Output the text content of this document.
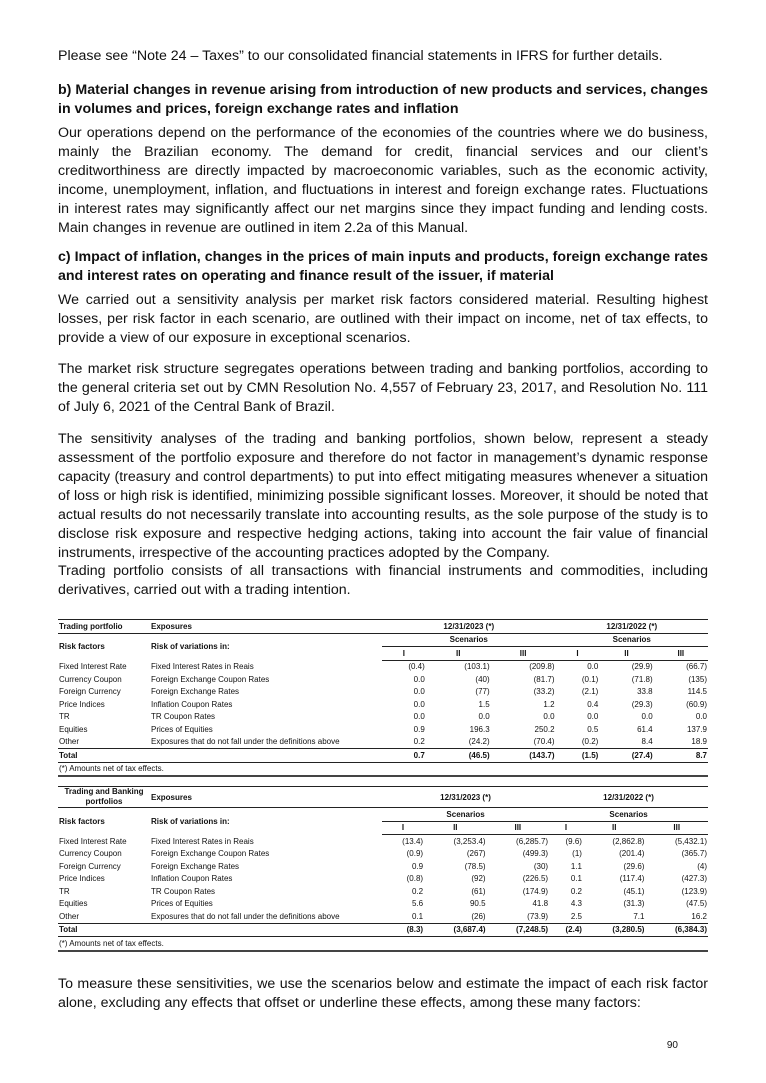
Please see “Note 24 – Taxes” to our consolidated financial statements in IFRS for further details.

b) Material changes in revenue arising from introduction of new products and services, changes in volumes and prices, foreign exchange rates and inflation

Our operations depend on the performance of the economies of the countries where we do business, mainly the Brazilian economy. The demand for credit, financial services and our client’s creditworthiness are directly impacted by macroeconomic variables, such as the economic activity, income, unemployment, inflation, and fluctuations in interest and foreign exchange rates. Fluctuations in interest rates may significantly affect our net margins since they impact funding and lending costs. Main changes in revenue are outlined in item 2.2a of this Manual.

c) Impact of inflation, changes in the prices of main inputs and products, foreign exchange rates and interest rates on operating and finance result of the issuer, if material

We carried out a sensitivity analysis per market risk factors considered material. Resulting highest losses, per risk factor in each scenario, are outlined with their impact on income, net of tax effects, to provide a view of our exposure in exceptional scenarios.

The market risk structure segregates operations between trading and banking portfolios, according to the general criteria set out by CMN Resolution No. 4,557 of February 23, 2017, and Resolution No. 111 of July 6, 2021 of the Central Bank of Brazil.

The sensitivity analyses of the trading and banking portfolios, shown below, represent a steady assessment of the portfolio exposure and therefore do not factor in management’s dynamic response capacity (treasury and control departments) to put into effect mitigating measures whenever a situation of loss or high risk is identified, minimizing possible significant losses. Moreover, it should be noted that actual results do not necessarily translate into accounting results, as the sole purpose of the study is to disclose risk exposure and respective hedging actions, taking into account the fair value of financial instruments, irrespective of the accounting practices adopted by the Company.

Trading portfolio consists of all transactions with financial instruments and commodities, including derivatives, carried out with a trading intention.

Trading portfolio	Exposures	12/31/2023 (*)			12/31/2022 (*)		
Risk factors	Risk of variations in:	Scenarios			Scenarios		
		I	II	III	I	II	III
Fixed Interest Rate	Fixed Interest Rates in Reais	(0.4)	(103.1)	(209.8)	0.0	(29.9)	(66.7)
Currency Coupon	Foreign Exchange Coupon Rates	0.0	(40)	(81.7)	(0.1)	(71.8)	(135)
Foreign Currency	Foreign Exchange Rates	0.0	(77)	(33.2)	(2.1)	33.8	114.5
Price Indices	Inflation Coupon Rates	0.0	1.5	1.2	0.4	(29.3)	(60.9)
TR	TR Coupon Rates	0.0	0.0	0.0	0.0	0.0	0.0
Equities	Prices of Equities	0.9	196.3	250.2	0.5	61.4	137.9
Other	Exposures that do not fall under the definitions above	0.2	(24.2)	(70.4)	(0.2)	8.4	18.9
Total		0.7	(46.5)	(143.7)	(1.5)	(27.4)	8.7
(*) Amounts net of tax effects.							
Trading and Banking portfolios	Exposures	12/31/2023 (*)			12/31/2022 (*)		
Risk factors	Risk of variations in:	Scenarios			Scenarios		
		I	II	III	I	II	III
Fixed Interest Rate	Fixed Interest Rates in Reais	(13.4)	(3,253.4)	(6,285.7)	(9.6)	(2,862.8)	(5,432.1)
Currency Coupon	Foreign Exchange Coupon Rates	(0.9)	(267)	(499.3)	(1)	(201.4)	(365.7)
Foreign Currency	Foreign Exchange Rates	0.9	(78.5)	(30)	1.1	(29.6)	(4)
Price Indices	Inflation Coupon Rates	(0.8)	(92)	(226.5)	0.1	(117.4)	(427.3)
TR	TR Coupon Rates	0.2	(61)	(174.9)	0.2	(45.1)	(123.9)
Equities	Prices of Equities	5.6	90.5	41.8	4.3	(31.3)	(47.5)
Other	Exposures that do not fall under the definitions above	0.1	(26)	(73.9)	2.5	7.1	16.2
Total		(8.3)	(3,687.4)	(7,248.5)	(2.4)	(3,280.5)	(6,384.3)
(*) Amounts net of tax effects.							

To measure these sensitivities, we use the scenarios below and estimate the impact of each risk factor alone, excluding any effects that offset or underline these effects, among these many factors:

90
